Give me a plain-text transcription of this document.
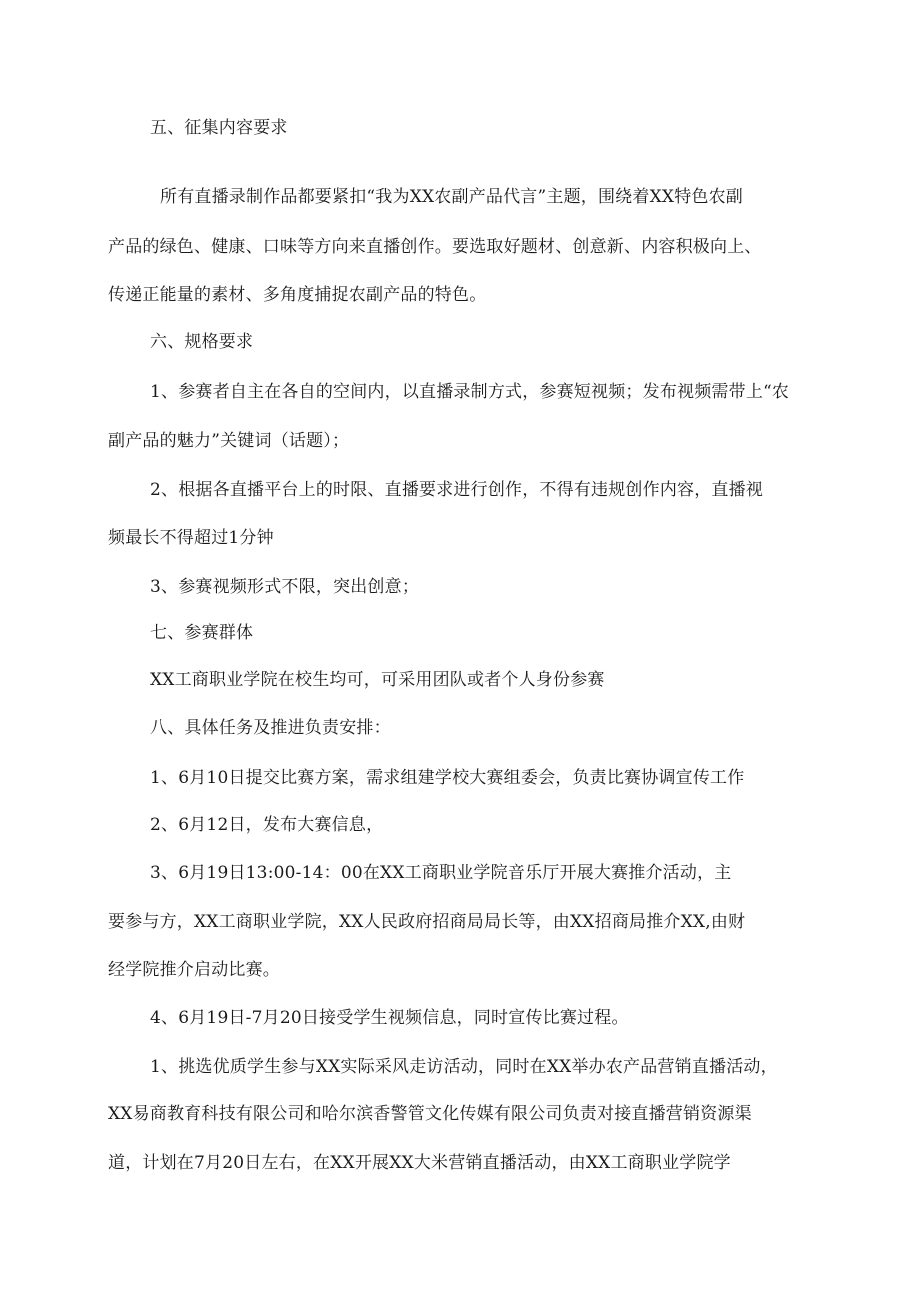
五、征集内容要求
所有直播录制作品都要紧扣“我为XX农副产品代言”主题，围绕着XX特色农副
产品的绿色、健康、口味等方向来直播创作。要选取好题材、创意新、内容积极向上、
传递正能量的素材、多角度捕捉农副产品的特色。
六、规格要求
1、参赛者自主在各自的空间内，以直播录制方式，参赛短视频；发布视频需带上“农
副产品的魅力”关键词（话题）；
2、根据各直播平台上的时限、直播要求进行创作，不得有违规创作内容，直播视
频最长不得超过1分钟
3、参赛视频形式不限，突出创意；
七、参赛群体
XX工商职业学院在校生均可，可采用团队或者个人身份参赛
八、具体任务及推进负责安排：
1、6月10日提交比赛方案，需求组建学校大赛组委会，负责比赛协调宣传工作
2、6月12日，发布大赛信息，
3、6月19日13:00-14：00在XX工商职业学院音乐厅开展大赛推介活动，主
要参与方，XX工商职业学院，XX人民政府招商局局长等，由XX招商局推介XX,由财
经学院推介启动比赛。
4、6月19日-7月20日接受学生视频信息，同时宣传比赛过程。
1、挑选优质学生参与XX实际采风走访活动，同时在XX举办农产品营销直播活动，
XX易商教育科技有限公司和哈尔滨香警管文化传媒有限公司负责对接直播营销资源渠
道，计划在7月20日左右，在XX开展XX大米营销直播活动，由XX工商职业学院学
